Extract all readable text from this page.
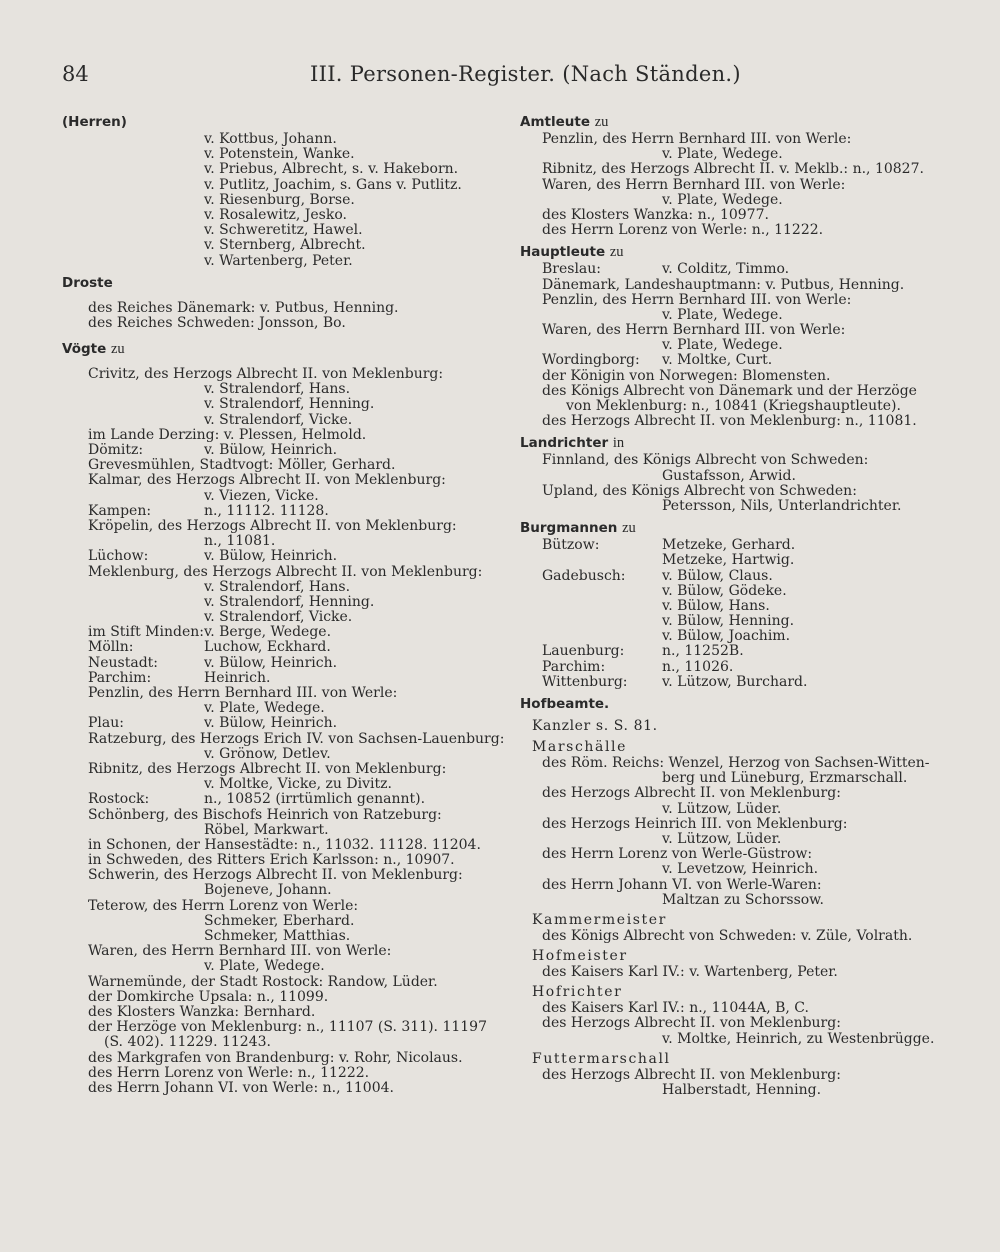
84	III. Personen-Register. (Nach Ständen.)
(Herren)
v. Kottbus, Johann.
v. Potenstein, Wanke.
v. Priebus, Albrecht, s. v. Hakeborn.
v. Putlitz, Joachim, s. Gans v. Putlitz.
v. Riesenburg, Borse.
v. Rosalewitz, Jesko.
v. Schweretitz, Hawel.
v. Sternberg, Albrecht.
v. Wartenberg, Peter.
Droste
des Reiches Dänemark: v. Putbus, Henning.
des Reiches Schweden: Jonsson, Bo.
Vögte zu
Crivitz, des Herzogs Albrecht II. von Meklenburg:
v. Stralendorf, Hans.
v. Stralendorf, Henning.
v. Stralendorf, Vicke.
im Lande Derzing: v. Plessen, Helmold.
Dömitz:	v. Bülow, Heinrich.
Grevesmühlen, Stadtvogt: Möller, Gerhard.
Kalmar, des Herzogs Albrecht II. von Meklenburg:
v. Viezen, Vicke.
Kampen:	n., 11112. 11128.
Kröpelin, des Herzogs Albrecht II. von Meklenburg:
n., 11081.
Lüchow:	v. Bülow, Heinrich.
Meklenburg, des Herzogs Albrecht II. von Meklenburg:
v. Stralendorf, Hans.
v. Stralendorf, Henning.
v. Stralendorf, Vicke.
im Stift Minden: v. Berge, Wedege.
Mölln:	Luchow, Eckhard.
Neustadt:	v. Bülow, Heinrich.
Parchim:	Heinrich.
Penzlin, des Herrn Bernhard III. von Werle:
v. Plate, Wedege.
Plau:	v. Bülow, Heinrich.
Ratzeburg, des Herzogs Erich IV. von Sachsen-Lauenburg:
v. Grönow, Detlev.
Ribnitz, des Herzogs Albrecht II. von Meklenburg:
v. Moltke, Vicke, zu Divitz.
Rostock:	n., 10852 (irrtümlich genannt).
Schönberg, des Bischofs Heinrich von Ratzeburg:
Röbel, Markwart.
in Schonen, der Hansestädte: n., 11032. 11128. 11204.
in Schweden, des Ritters Erich Karlsson: n., 10907.
Schwerin, des Herzogs Albrecht II. von Meklenburg:
Bojeneve, Johann.
Teterow, des Herrn Lorenz von Werle:
Schmeker, Eberhard.
Schmeker, Matthias.
Waren, des Herrn Bernhard III. von Werle:
v. Plate, Wedege.
Warnemünde, der Stadt Rostock: Randow, Lüder.
der Domkirche Upsala: n., 11099.
des Klosters Wanzka: Bernhard.
der Herzöge von Meklenburg: n., 11107 (S. 311). 11197
(S. 402). 11229. 11243.
des Markgrafen von Brandenburg: v. Rohr, Nicolaus.
des Herrn Lorenz von Werle: n., 11222.
des Herrn Johann VI. von Werle: n., 11004.
Amtleute zu
Penzlin, des Herrn Bernhard III. von Werle:
v. Plate, Wedege.
Ribnitz, des Herzogs Albrecht II. v. Meklb.: n., 10827.
Waren, des Herrn Bernhard III. von Werle:
v. Plate, Wedege.
des Klosters Wanzka: n., 10977.
des Herrn Lorenz von Werle: n., 11222.
Hauptleute zu
Breslau:	v. Colditz, Timmo.
Dänemark, Landeshauptmann: v. Putbus, Henning.
Penzlin, des Herrn Bernhard III. von Werle:
v. Plate, Wedege.
Waren, des Herrn Bernhard III. von Werle:
v. Plate, Wedege.
Wordingborg: v. Moltke, Curt.
der Königin von Norwegen: Blomensten.
des Königs Albrecht von Dänemark und der Herzöge
von Meklenburg: n., 10841 (Kriegshauptleute).
des Herzogs Albrecht II. von Meklenburg: n., 11081.
Landrichter in
Finnland, des Königs Albrecht von Schweden:
Gustafsson, Arwid.
Upland, des Königs Albrecht von Schweden:
Petersson, Nils, Unterlandrichter.
Burgmannen zu
Bützow:	Metzeke, Gerhard.
Metzeke, Hartwig.
Gadebusch:	v. Bülow, Claus.
v. Bülow, Gödeke.
v. Bülow, Hans.
v. Bülow, Henning.
v. Bülow, Joachim.
Lauenburg:	n., 11252B.
Parchim:	n., 11026.
Wittenburg: v. Lützow, Burchard.
Hofbeamte.
Kanzler s. S. 81.
Marschälle
des Röm. Reichs: Wenzel, Herzog von Sachsen-Witten-
berg und Lüneburg, Erzmarschall.
des Herzogs Albrecht II. von Meklenburg:
v. Lützow, Lüder.
des Herzogs Heinrich III. von Meklenburg:
v. Lützow, Lüder.
des Herrn Lorenz von Werle-Güstrow:
v. Levetzow, Heinrich.
des Herrn Johann VI. von Werle-Waren:
Maltzan zu Schorssow.
Kammermeister
des Königs Albrecht von Schweden: v. Züle, Volrath.
Hofmeister
des Kaisers Karl IV.: v. Wartenberg, Peter.
Hofrichter
des Kaisers Karl IV.: n., 11044A, B, C.
des Herzogs Albrecht II. von Meklenburg:
v. Moltke, Heinrich, zu Westenbrügge.
Futtermarschall
des Herzogs Albrecht II. von Meklenburg:
Halberstadt, Henning.
